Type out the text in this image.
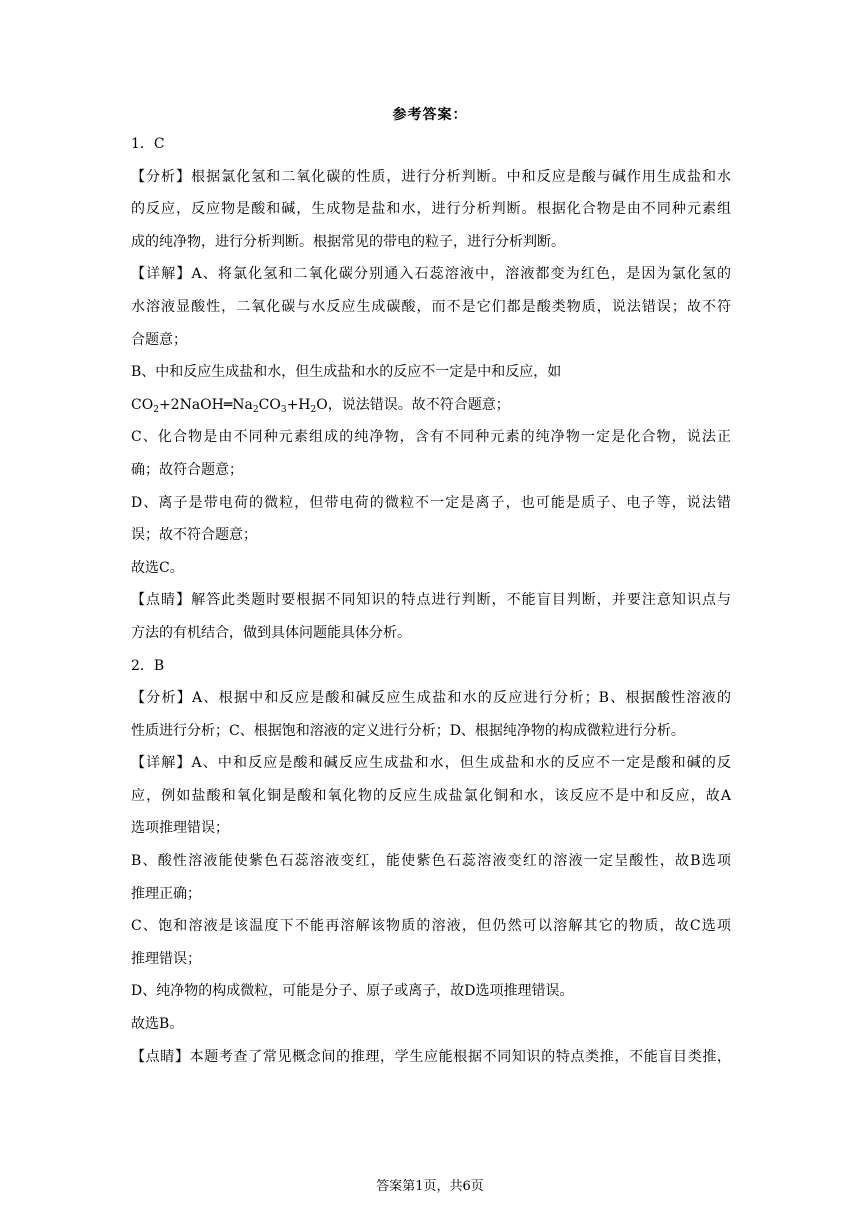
参考答案：
1．C
【分析】根据氯化氢和二氧化碳的性质，进行分析判断。中和反应是酸与碱作用生成盐和水
的反应，反应物是酸和碱，生成物是盐和水，进行分析判断。根据化合物是由不同种元素组
成的纯净物，进行分析判断。根据常见的带电的粒子，进行分析判断。
【详解】A、将氯化氢和二氧化碳分别通入石蕊溶液中，溶液都变为红色，是因为氯化氢的
水溶液显酸性，二氧化碳与水反应生成碳酸，而不是它们都是酸类物质，说法错误；故不符
合题意；
B、中和反应生成盐和水，但生成盐和水的反应不一定是中和反应，如
$CO_2+2NaOH═Na_2CO_3+H_2O$，说法错误。故不符合题意；
C、化合物是由不同种元素组成的纯净物，含有不同种元素的纯净物一定是化合物，说法正
确；故符合题意；
D、离子是带电荷的微粒，但带电荷的微粒不一定是离子，也可能是质子、电子等，说法错
误；故不符合题意；
故选C。
【点睛】解答此类题时要根据不同知识的特点进行判断，不能盲目判断，并要注意知识点与
方法的有机结合，做到具体问题能具体分析。
2．B
【分析】A、根据中和反应是酸和碱反应生成盐和水的反应进行分析；B、根据酸性溶液的
性质进行分析；C、根据饱和溶液的定义进行分析；D、根据纯净物的构成微粒进行分析。
【详解】A、中和反应是酸和碱反应生成盐和水，但生成盐和水的反应不一定是酸和碱的反
应，例如盐酸和氧化铜是酸和氧化物的反应生成盐氯化铜和水，该反应不是中和反应，故A
选项推理错误；
B、酸性溶液能使紫色石蕊溶液变红，能使紫色石蕊溶液变红的溶液一定呈酸性，故B选项
推理正确；
C、饱和溶液是该温度下不能再溶解该物质的溶液，但仍然可以溶解其它的物质，故C选项
推理错误；
D、纯净物的构成微粒，可能是分子、原子或离子，故D选项推理错误。
故选B。
【点睛】本题考查了常见概念间的推理，学生应能根据不同知识的特点类推，不能盲目类推，
答案第1页，共6页
